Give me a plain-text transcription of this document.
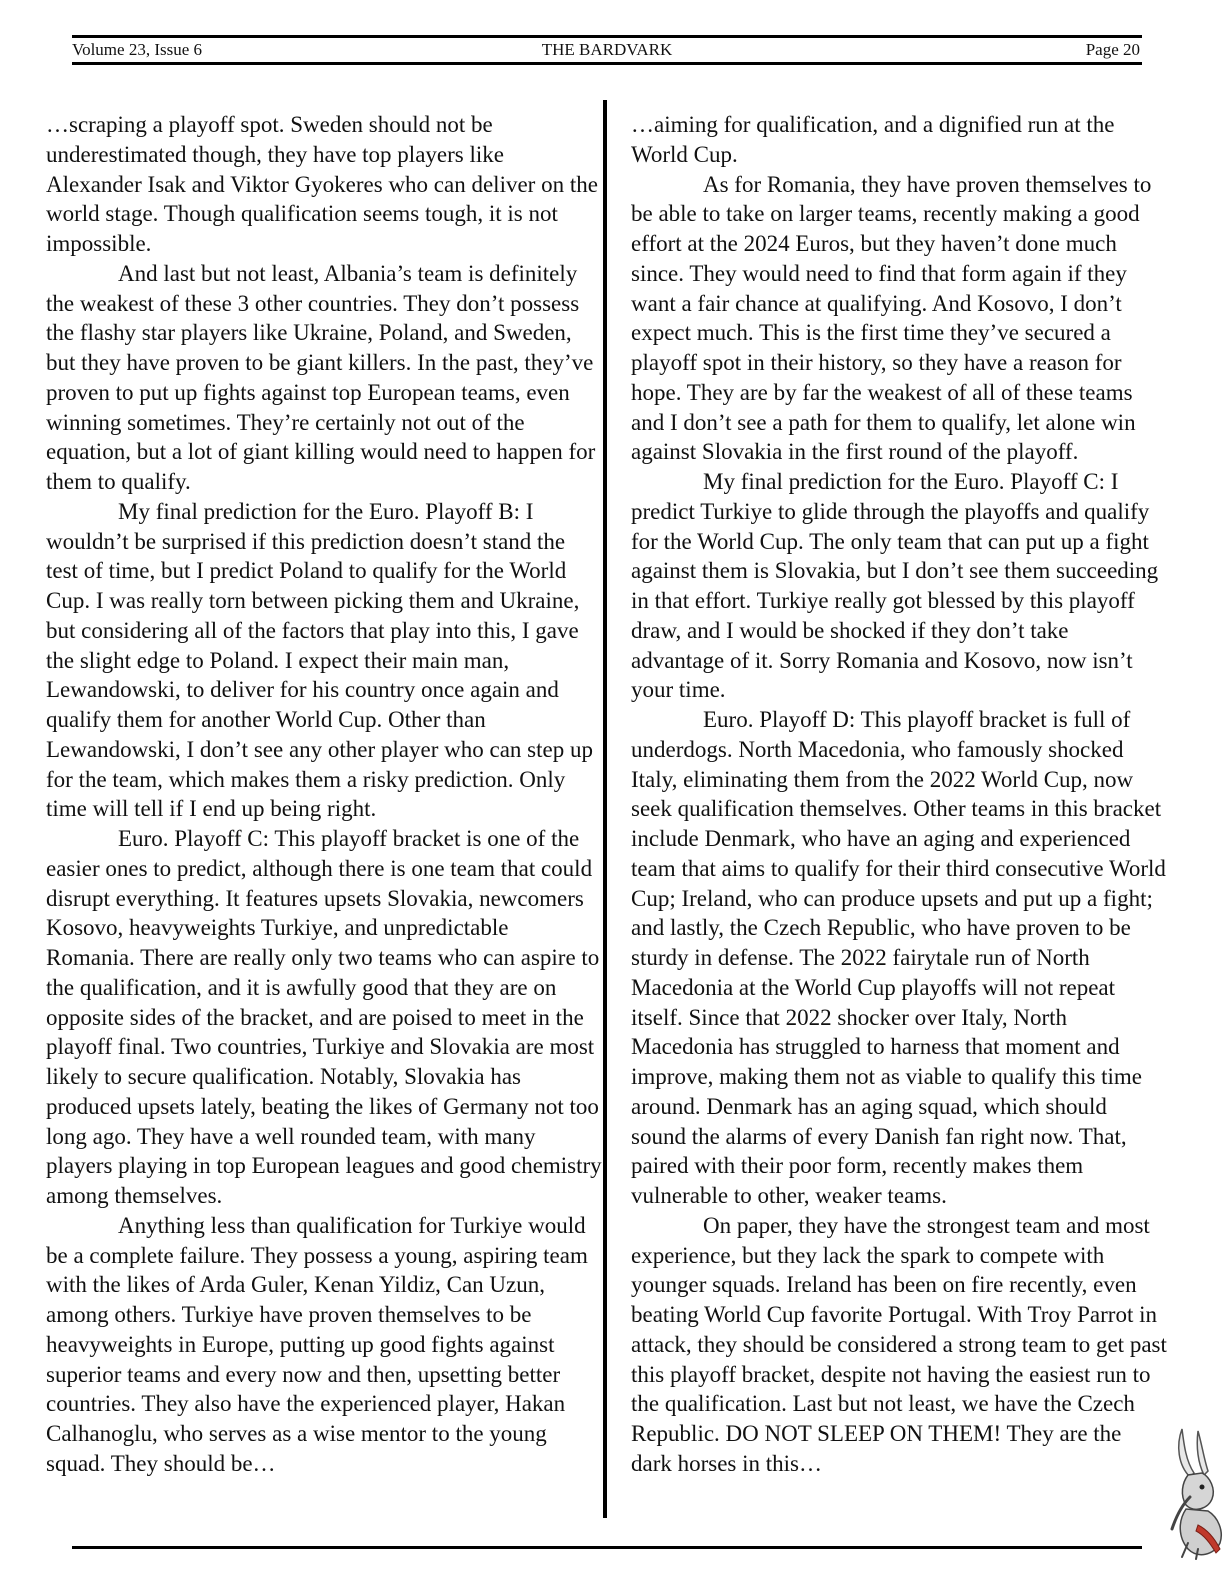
Volume 23, Issue 6	THE BARDVARK	Page 20

…scraping a playoff spot. Sweden should not be underestimated though, they have top players like Alexander Isak and Viktor Gyokeres who can deliver on the world stage. Though qualification seems tough, it is not impossible.

And last but not least, Albania’s team is definitely the weakest of these 3 other countries. They don’t possess the flashy star players like Ukraine, Poland, and Sweden, but they have proven to be giant killers. In the past, they’ve proven to put up fights against top European teams, even winning sometimes. They’re certainly not out of the equation, but a lot of giant killing would need to happen for them to qualify.

My final prediction for the Euro. Playoff B: I wouldn’t be surprised if this prediction doesn’t stand the test of time, but I predict Poland to qualify for the World Cup. I was really torn between picking them and Ukraine, but considering all of the factors that play into this, I gave the slight edge to Poland. I expect their main man, Lewandowski, to deliver for his country once again and qualify them for another World Cup. Other than Lewandowski, I don’t see any other player who can step up for the team, which makes them a risky prediction. Only time will tell if I end up being right.

Euro. Playoff C: This playoff bracket is one of the easier ones to predict, although there is one team that could disrupt everything. It features upsets Slovakia, newcomers Kosovo, heavyweights Turkiye, and unpredictable Romania. There are really only two teams who can aspire to the qualification, and it is awfully good that they are on opposite sides of the bracket, and are poised to meet in the playoff final. Two countries, Turkiye and Slovakia are most likely to secure qualification. Notably, Slovakia has produced upsets lately, beating the likes of Germany not too long ago. They have a well rounded team, with many players playing in top European leagues and good chemistry among themselves.

Anything less than qualification for Turkiye would be a complete failure. They possess a young, aspiring team with the likes of Arda Guler, Kenan Yildiz, Can Uzun, among others. Turkiye have proven themselves to be heavyweights in Europe, putting up good fights against superior teams and every now and then, upsetting better countries. They also have the experienced player, Hakan Calhanoglu, who serves as a wise mentor to the young squad. They should be…

…aiming for qualification, and a dignified run at the World Cup.

As for Romania, they have proven themselves to be able to take on larger teams, recently making a good effort at the 2024 Euros, but they haven’t done much since. They would need to find that form again if they want a fair chance at qualifying. And Kosovo, I don’t expect much. This is the first time they’ve secured a playoff spot in their history, so they have a reason for hope. They are by far the weakest of all of these teams and I don’t see a path for them to qualify, let alone win against Slovakia in the first round of the playoff.

My final prediction for the Euro. Playoff C: I predict Turkiye to glide through the playoffs and qualify for the World Cup. The only team that can put up a fight against them is Slovakia, but I don’t see them succeeding in that effort. Turkiye really got blessed by this playoff draw, and I would be shocked if they don’t take advantage of it. Sorry Romania and Kosovo, now isn’t your time.

Euro. Playoff D: This playoff bracket is full of underdogs. North Macedonia, who famously shocked Italy, eliminating them from the 2022 World Cup, now seek qualification themselves. Other teams in this bracket include Denmark, who have an aging and experienced team that aims to qualify for their third consecutive World Cup; Ireland, who can produce upsets and put up a fight; and lastly, the Czech Republic, who have proven to be sturdy in defense. The 2022 fairytale run of North Macedonia at the World Cup playoffs will not repeat itself. Since that 2022 shocker over Italy, North Macedonia has struggled to harness that moment and improve, making them not as viable to qualify this time around. Denmark has an aging squad, which should sound the alarms of every Danish fan right now. That, paired with their poor form, recently makes them vulnerable to other, weaker teams.

On paper, they have the strongest team and most experience, but they lack the spark to compete with younger squads. Ireland has been on fire recently, even beating World Cup favorite Portugal. With Troy Parrot in attack, they should be considered a strong team to get past this playoff bracket, despite not having the easiest run to the qualification. Last but not least, we have the Czech Republic. DO NOT SLEEP ON THEM! They are the dark horses in this…
